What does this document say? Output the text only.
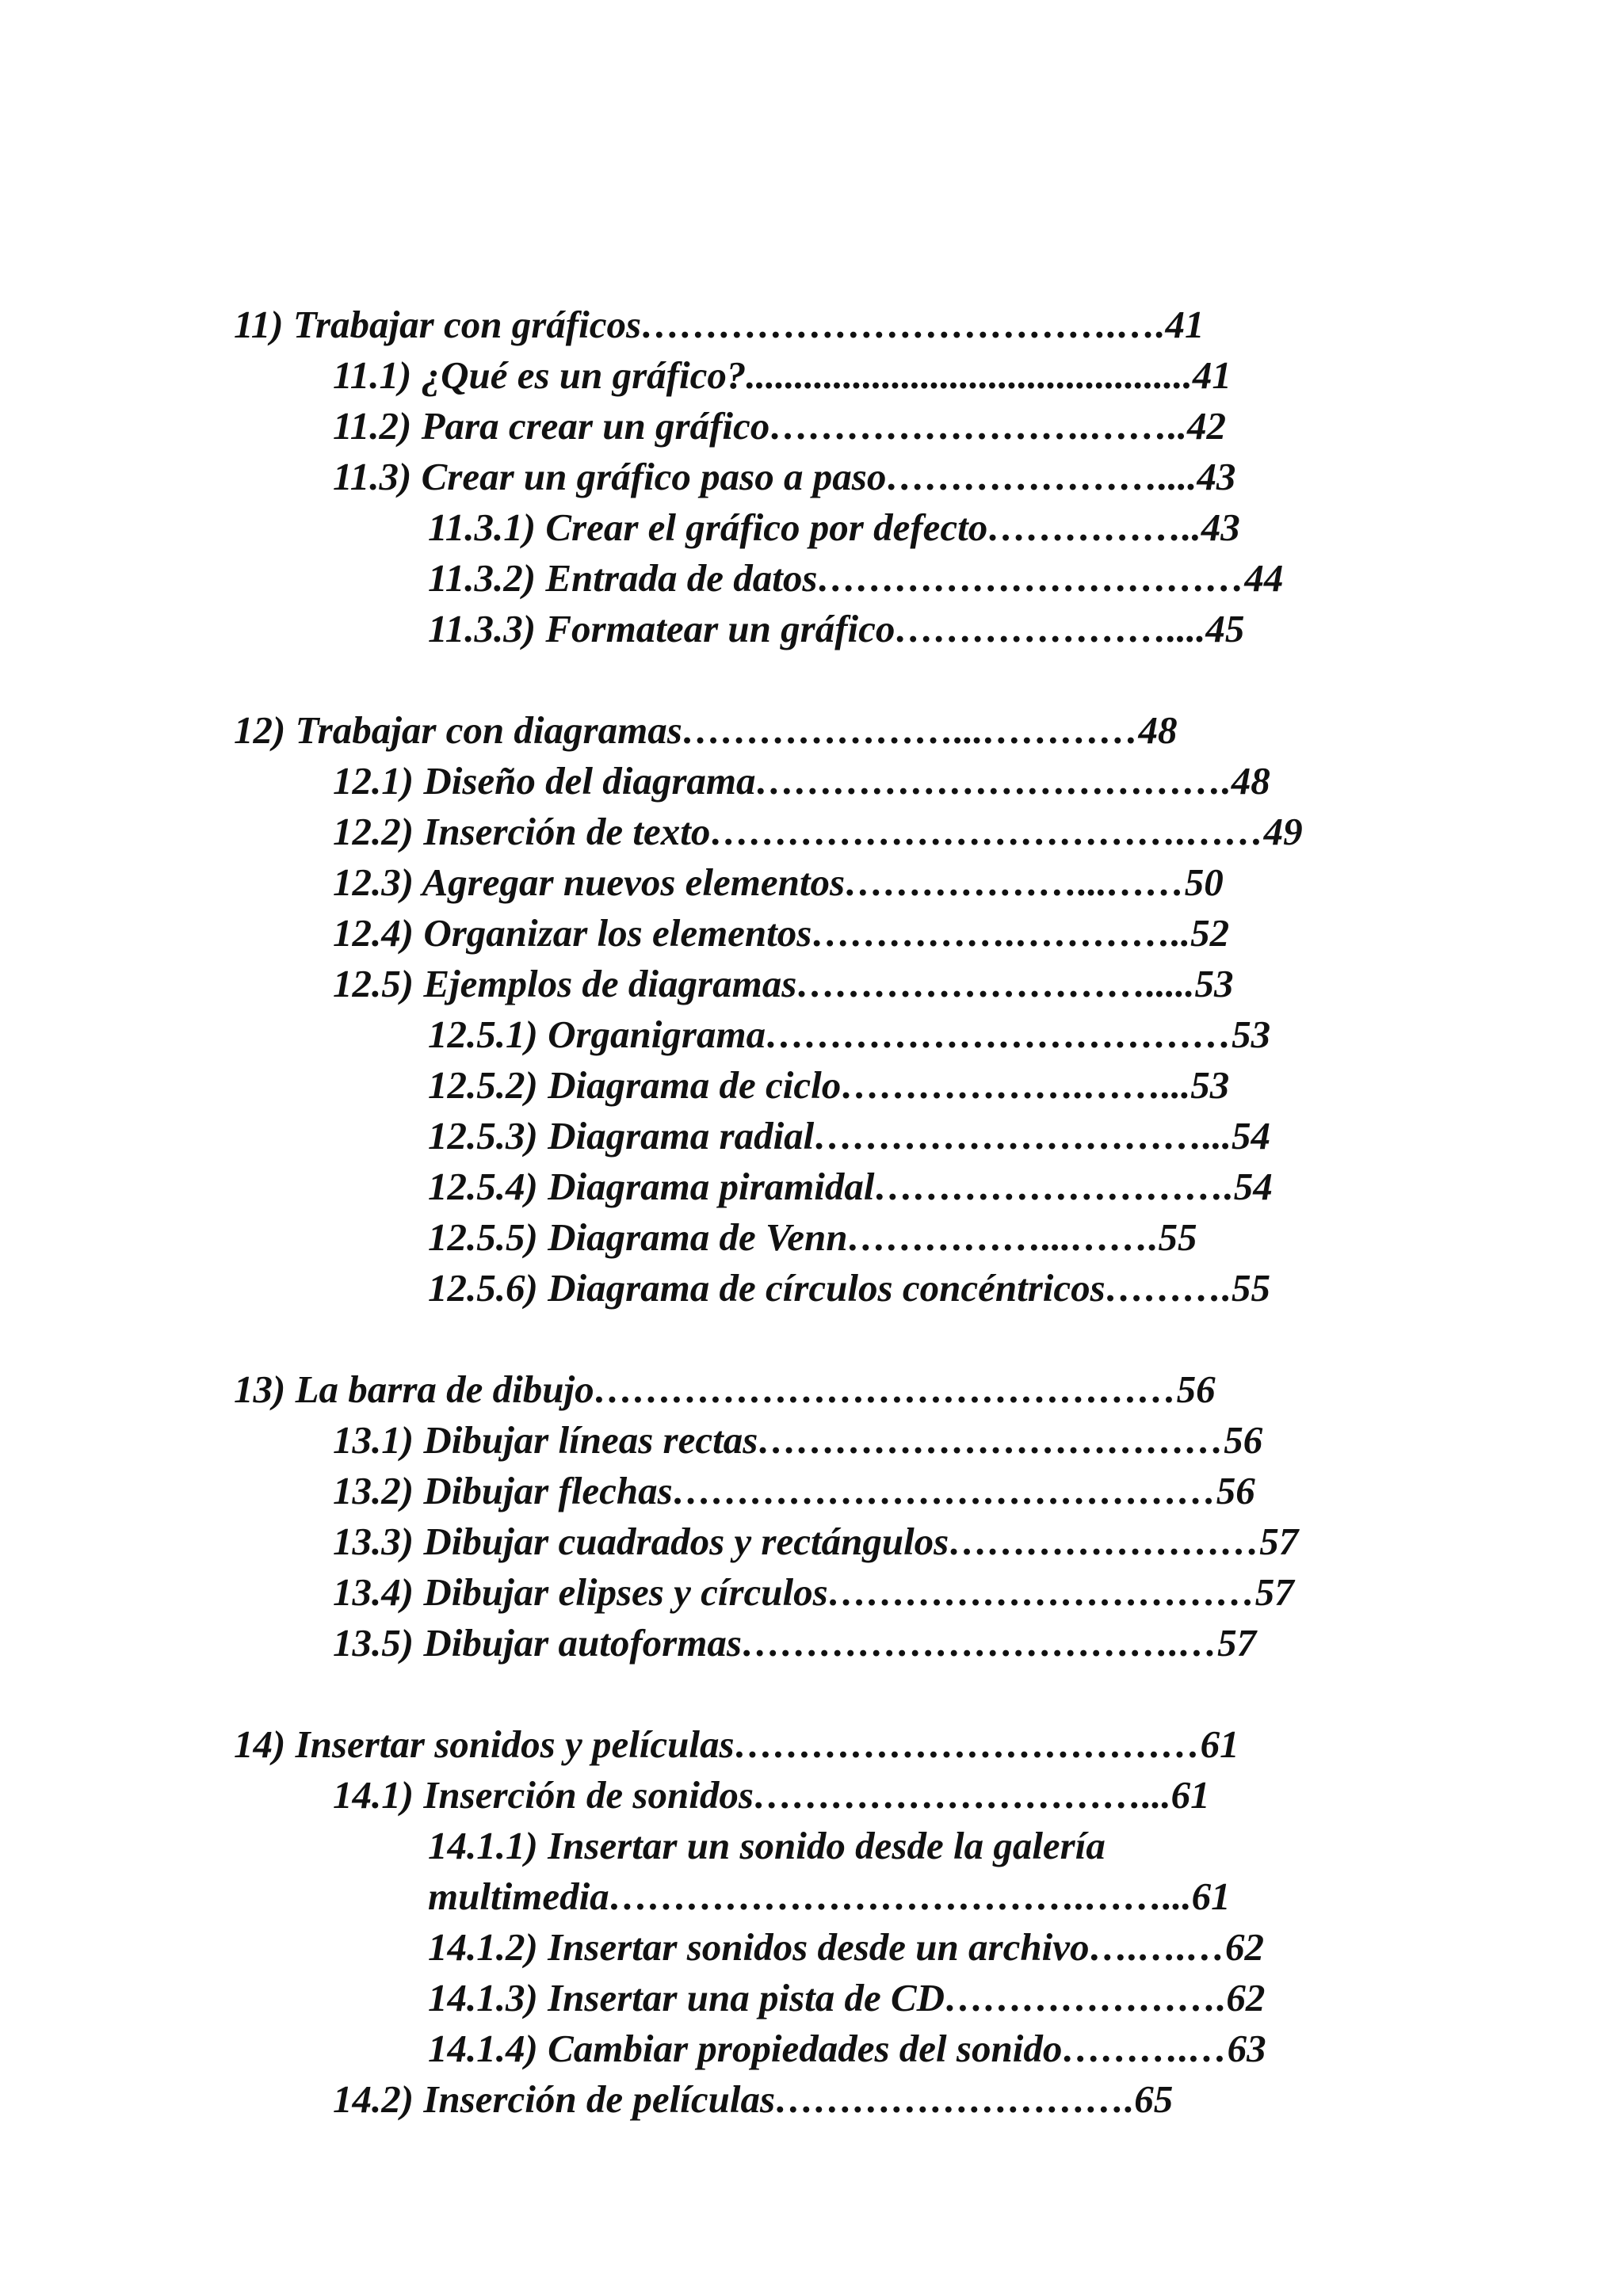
11) Trabajar con gráficos……………………………….….41

11.1) ¿Qué es un gráfico?..............................................41

11.2) Para crear un gráfico…………………….……..42

11.3) Crear un gráfico paso a paso…………………....43

11.3.1) Crear el gráfico por defecto……………..43

11.3.2) Entrada de datos……………………………44

11.3.3) Formatear un gráfico…………………....45

12) Trabajar con diagramas…………………...…………48

12.1) Diseño del diagrama……………………………….48

12.2) Inserción de texto……………………………….……49

12.3) Agregar nuevos elementos………………...……50

12.4) Organizar los elementos…………….…………..52

12.5) Ejemplos de diagramas……………………….....53

12.5.1) Organigrama………………………………53

12.5.2) Diagrama de ciclo……………….……...53

12.5.3) Diagrama radial…………………………...54

12.5.4) Diagrama piramidal……………………….54

12.5.5) Diagrama de Venn……………...…….55

12.5.6) Diagrama de círculos concéntricos……….55

13) La barra de dibujo………………………………………56

13.1) Dibujar líneas rectas………………………………56

13.2) Dibujar flechas……………………………………56

13.3) Dibujar cuadrados y rectángulos……………………57

13.4) Dibujar elipses y círculos……………………………57

13.5) Dibujar autoformas…………………………….…57

14) Insertar sonidos y películas………………………………61

14.1) Inserción de sonidos…………………………...61

14.1.1) Insertar un sonido desde la galería

multimedia……………………………….……...61

14.1.2) Insertar sonidos desde un archivo….….…62

14.1.3) Insertar una pista de CD………………….62

14.1.4) Cambiar propiedades del sonido……….…63

14.2) Inserción de películas……………………….65
